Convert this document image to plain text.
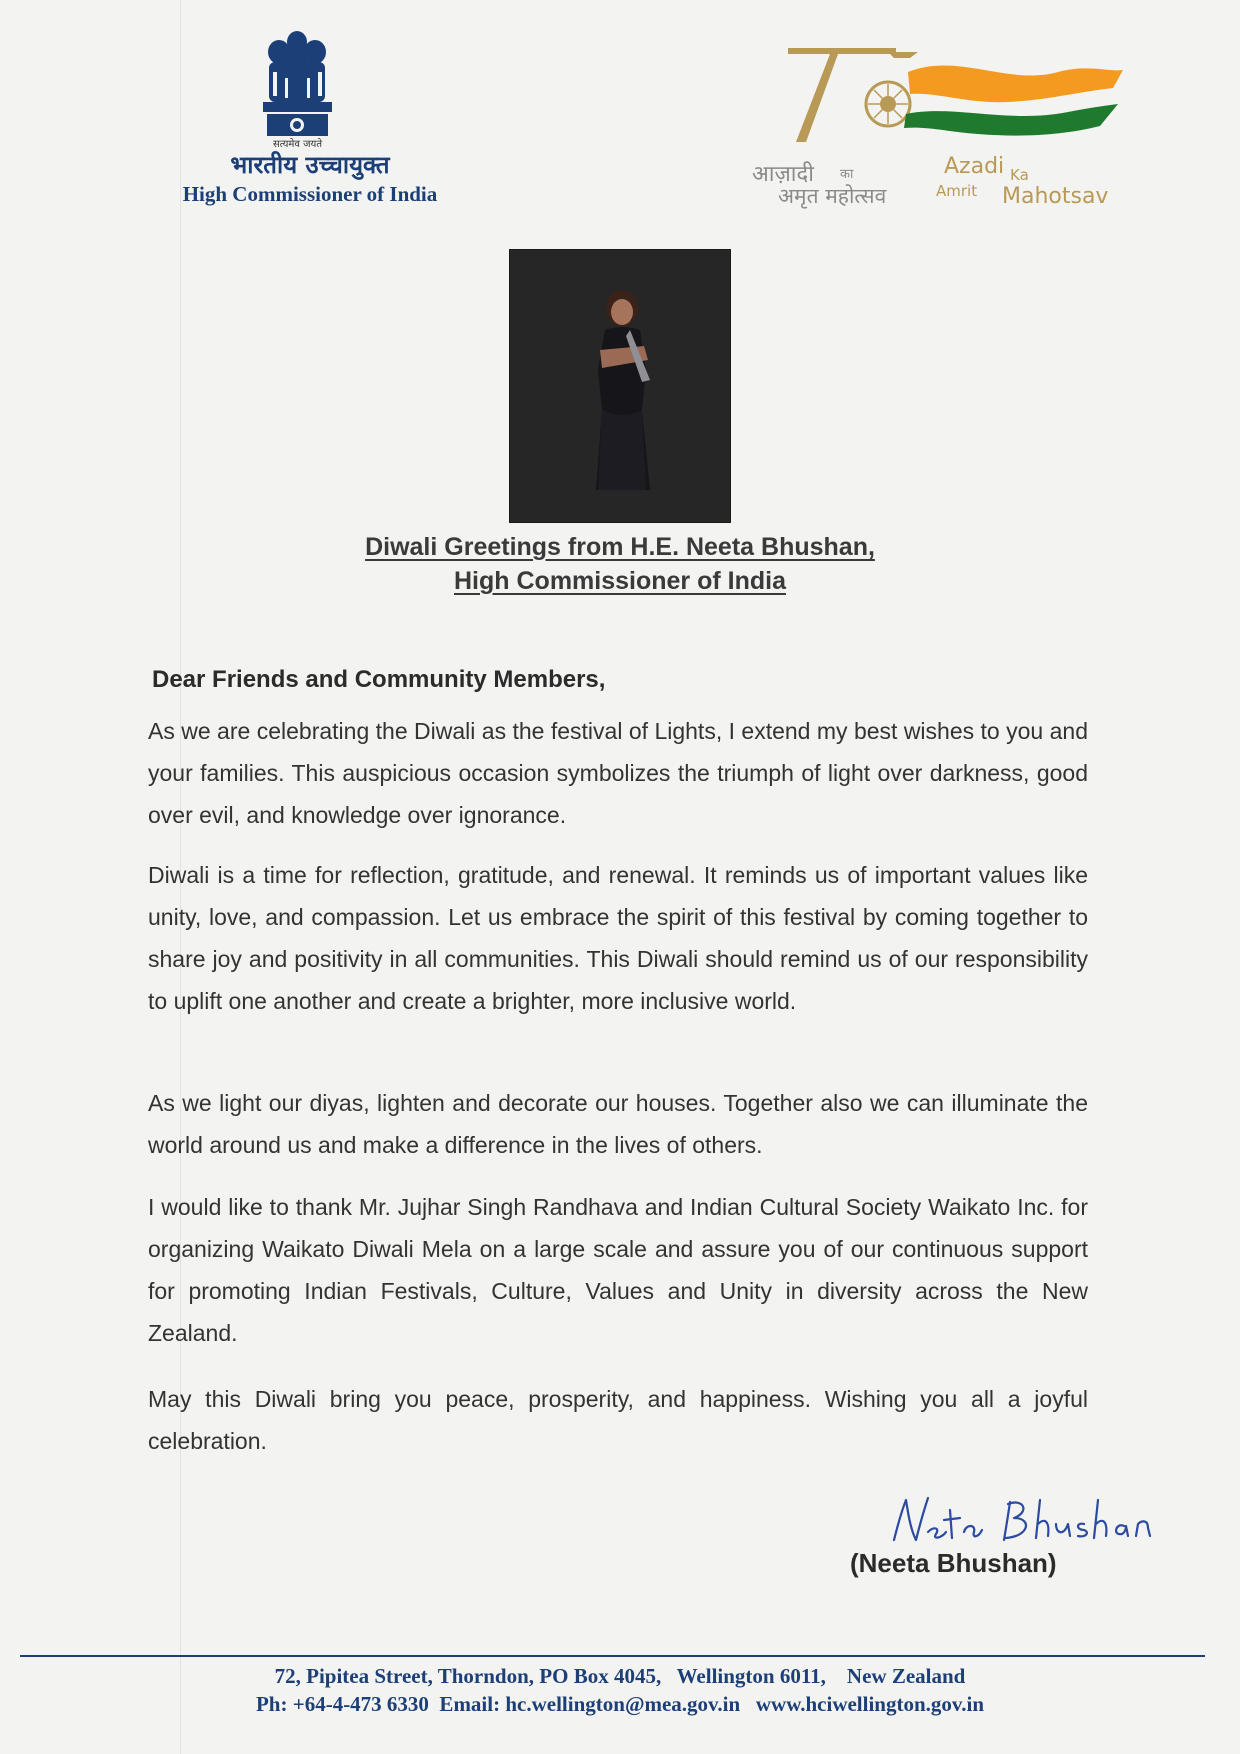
सत्यमेव जयते
भारतीय उच्चायुक्त
High Commissioner of India
आज़ादी का
अमृत महोत्सव
Azadi Ka
Amrit Mahotsav
Diwali Greetings from H.E. Neeta Bhushan,
High Commissioner of India
Dear Friends and Community Members,
As we are celebrating the Diwali as the festival of Lights, I extend my best wishes to you and your families. This auspicious occasion symbolizes the triumph of light over darkness, good over evil, and knowledge over ignorance.
Diwali is a time for reflection, gratitude, and renewal. It reminds us of important values like unity, love, and compassion. Let us embrace the spirit of this festival by coming together to share joy and positivity in all communities. This Diwali should remind us of our responsibility to uplift one another and create a brighter, more inclusive world.
As we light our diyas, lighten and decorate our houses. Together also we can illuminate the world around us and make a difference in the lives of others.
I would like to thank Mr. Jujhar Singh Randhava and Indian Cultural Society Waikato Inc. for organizing Waikato Diwali Mela on a large scale and assure you of our continuous support for promoting Indian Festivals, Culture, Values and Unity in diversity across the New Zealand.
May this Diwali bring you peace, prosperity, and happiness. Wishing you all a joyful celebration.
(Neeta Bhushan)
72, Pipitea Street, Thorndon, PO Box 4045,   Wellington 6011,    New Zealand
Ph: +64-4-473 6330  Email: hc.wellington@mea.gov.in   www.hciwellington.gov.in
